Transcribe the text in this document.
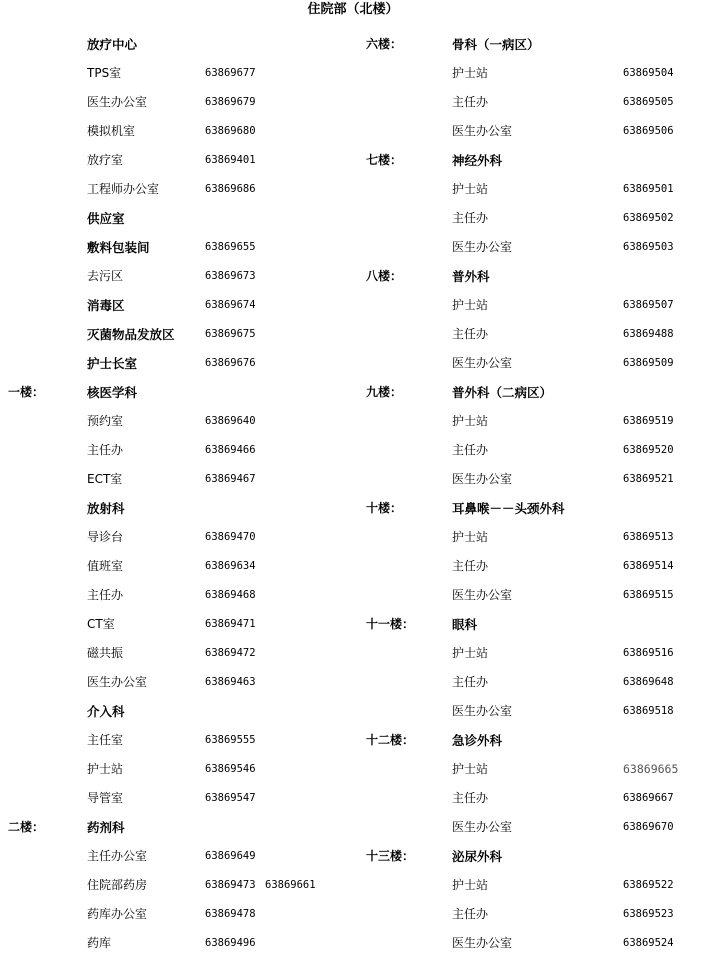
住院部（北楼）
放疗中心
TPS室	63869677
医生办公室	63869679
模拟机室	63869680
放疗室	63869401
工程师办公室	63869686
供应室
敷料包装间	63869655
去污区	63869673
消毒区	63869674
灭菌物品发放区	63869675
护士长室	63869676
一楼：	核医学科
预约室	63869640
主任办	63869466
ECT室	63869467
放射科
导诊台	63869470
值班室	63869634
主任办	63869468
CT室	63869471
磁共振	63869472
医生办公室	63869463
介入科
主任室	63869555
护士站	63869546
导管室	63869547
二楼：	药剂科
主任办公室	63869649
住院部药房	63869473 63869661
药库办公室	63869478
药库	63869496
六楼：	骨科（一病区）
护士站	63869504
主任办	63869505
医生办公室	63869506
七楼：	神经外科
护士站	63869501
主任办	63869502
医生办公室	63869503
八楼：	普外科
护士站	63869507
主任办	63869488
医生办公室	63869509
九楼：	普外科（二病区）
护士站	63869519
主任办	63869520
医生办公室	63869521
十楼：	耳鼻喉－－头颈外科
护士站	63869513
主任办	63869514
医生办公室	63869515
十一楼：	眼科
护士站	63869516
主任办	63869648
医生办公室	63869518
十二楼：	急诊外科
护士站	63869665
主任办	63869667
医生办公室	63869670
十三楼：	泌尿外科
护士站	63869522
主任办	63869523
医生办公室	63869524
